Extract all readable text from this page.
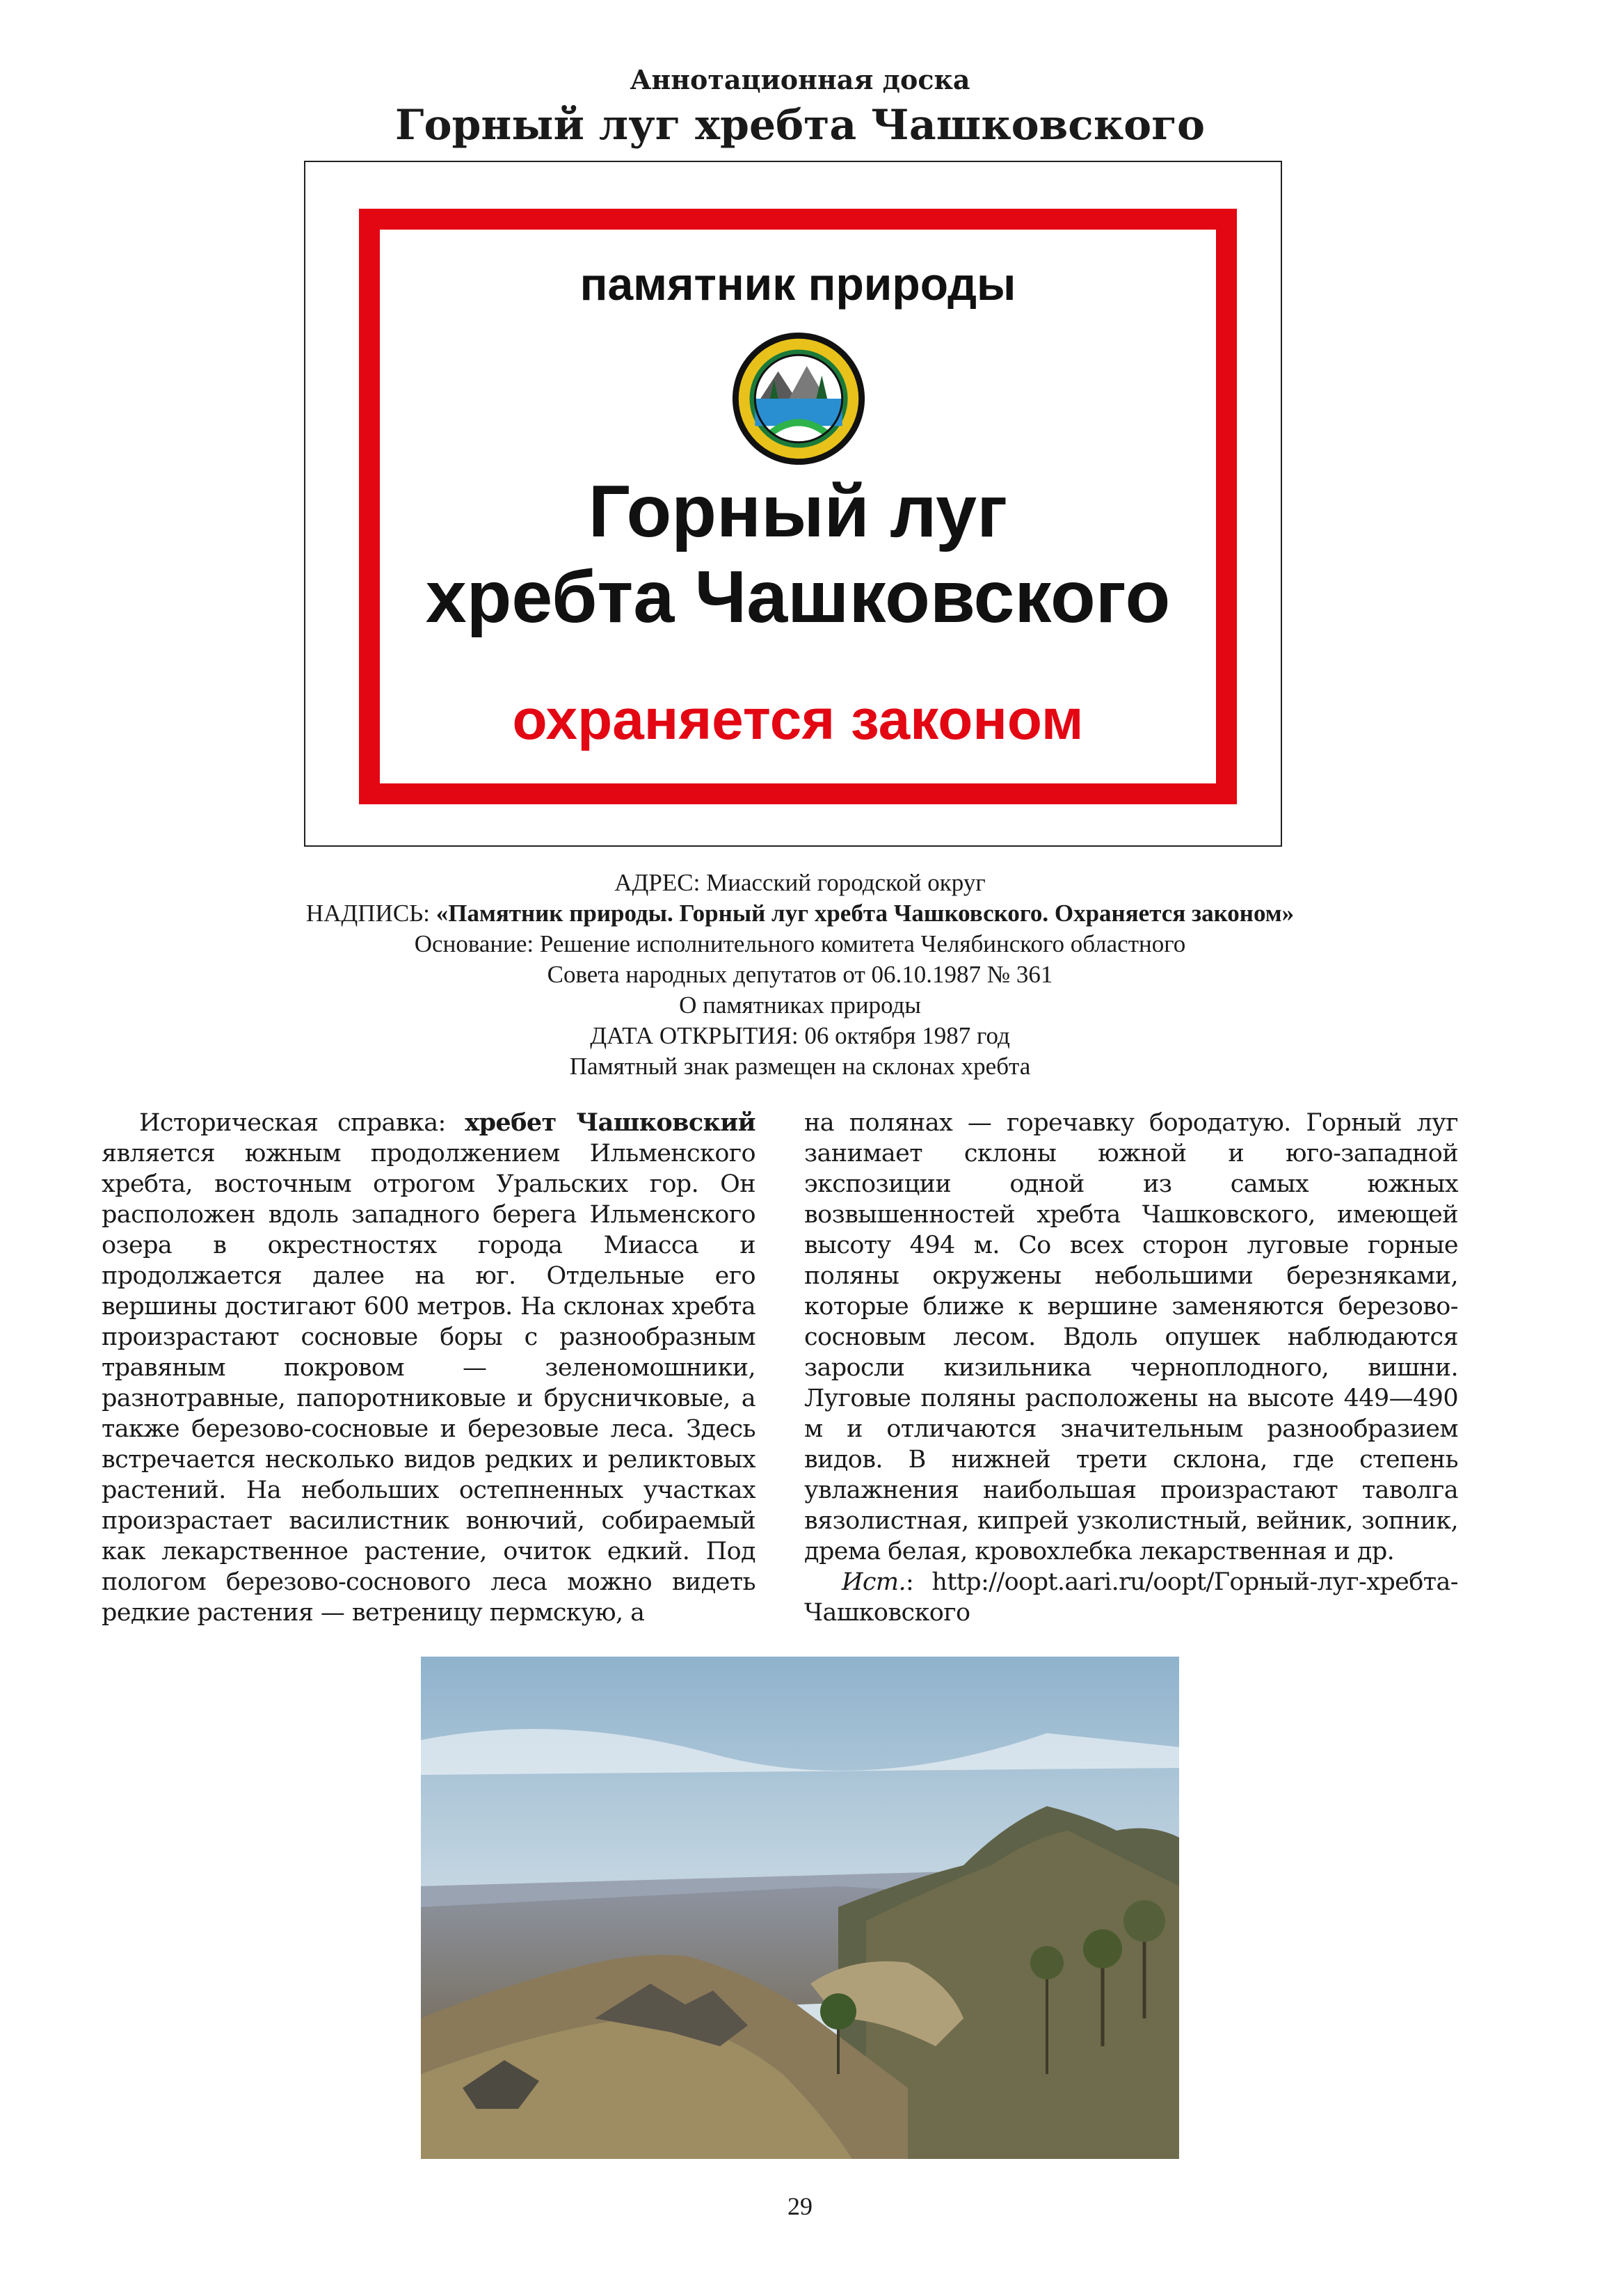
Аннотационная доска
Горный луг хребта Чашковского
памятник природы
Горный луг
хребта Чашковского
охраняется законом
АДРЕС: Миасский городской округ
НАДПИСЬ: «Памятник природы. Горный луг хребта Чашковского. Охраняется законом»
Основание: Решение исполнительного комитета Челябинского областного
Совета народных депутатов от 06.10.1987 № 361
О памятниках природы
ДАТА ОТКРЫТИЯ: 06 октября 1987 год
Памятный знак размещен на склонах хребта

Историческая справка: хребет Чашковский является южным продолжением Ильменского хребта, восточным отрогом Уральских гор. Он расположен вдоль западного берега Ильменского озера в окрестностях города Миасса и продолжается далее на юг. Отдельные его вершины достигают 600 метров. На склонах хребта произрастают сосновые боры с разнообразным травяным покровом — зеленомошники, разнотравные, папоротниковые и брусничковые, а также березово-сосновые и березовые леса. Здесь встречается несколько видов редких и реликтовых растений. На небольших остепненных участках произрастает василистник вонючий, собираемый как лекарственное растение, очиток едкий. Под пологом березово-соснового леса можно видеть редкие растения — ветреницу пермскую, а

на полянах — горечавку бородатую. Горный луг занимает склоны южной и юго-западной экспозиции одной из самых южных возвышенностей хребта Чашковского, имеющей высоту 494 м. Со всех сторон луговые горные поляны окружены небольшими березняками, которые ближе к вершине заменяются березово-сосновым лесом. Вдоль опушек наблюдаются заросли кизильника черноплодного, вишни. Луговые поляны расположены на высоте 449—490 м и отличаются значительным разнообразием видов. В нижней трети склона, где степень увлажнения наибольшая произрастают таволга вязолистная, кипрей узколистный, вейник, зопник, дрема белая, кровохлебка лекарственная и др.

Ист.: http://oopt.aari.ru/oopt/Горный-луг-хребта-Чашковского

29
